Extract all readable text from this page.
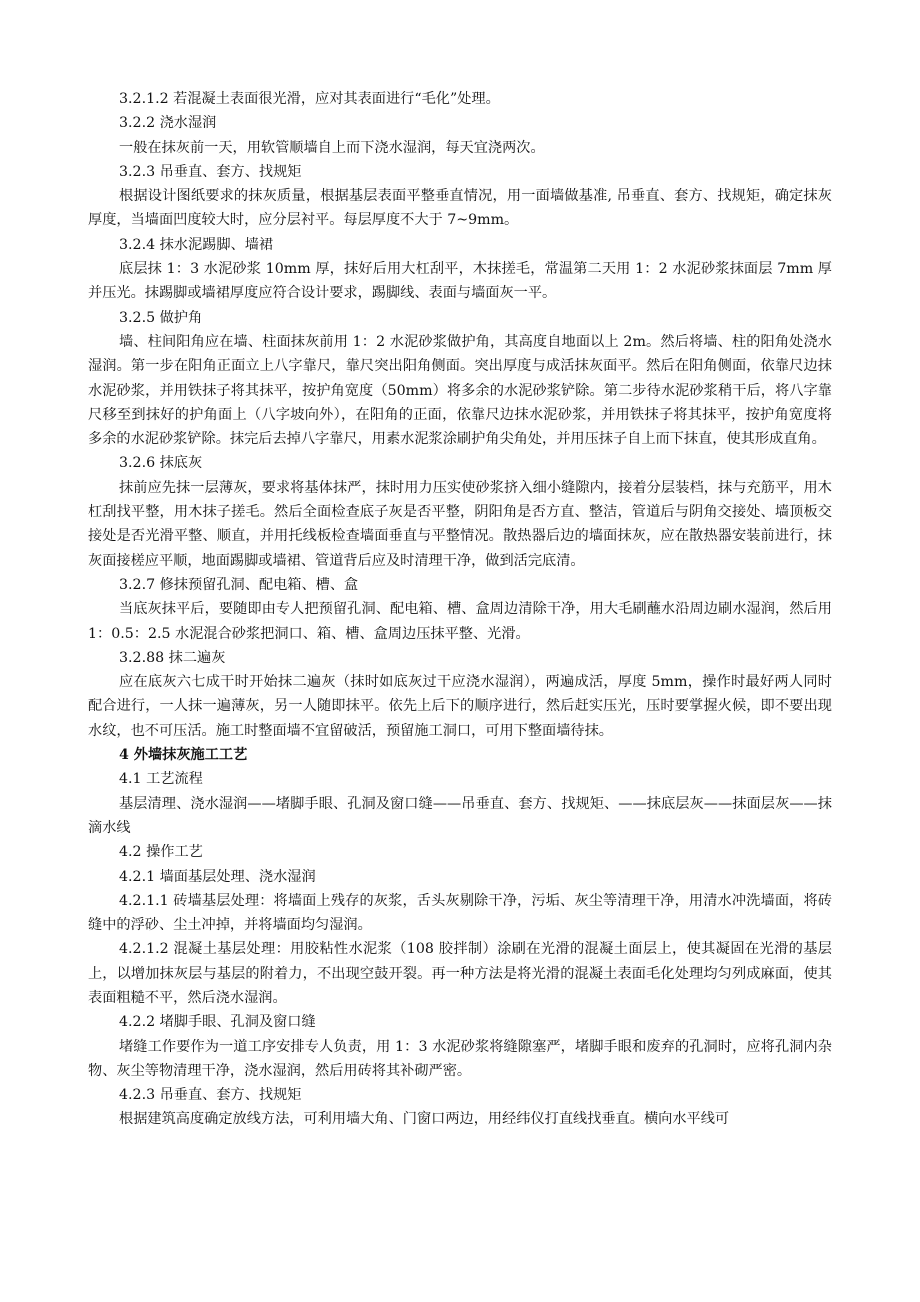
3.2.1.2 若混凝土表面很光滑，应对其表面进行“毛化”处理。

3.2.2 浇水湿润

一般在抹灰前一天，用软管顺墙自上而下浇水湿润，每天宜浇两次。

3.2.3 吊垂直、套方、找规矩

根据设计图纸要求的抹灰质量，根据基层表面平整垂直情况，用一面墙做基准, 吊垂直、套方、找规矩，确定抹灰厚度，当墙面凹度较大时，应分层衬平。每层厚度不大于 7~9mm。

3.2.4 抹水泥踢脚、墙裙

底层抹 1：3 水泥砂浆 10mm 厚，抹好后用大杠刮平，木抹搓毛，常温第二天用 1：2 水泥砂浆抹面层 7mm 厚并压光。抹踢脚或墙裙厚度应符合设计要求，踢脚线、表面与墙面灰一平。

3.2.5 做护角

墙、柱间阳角应在墙、柱面抹灰前用 1：2 水泥砂浆做护角，其高度自地面以上 2m。然后将墙、柱的阳角处浇水湿润。第一步在阳角正面立上八字靠尺，靠尺突出阳角侧面。突出厚度与成活抹灰面平。然后在阳角侧面，依靠尺边抹水泥砂浆，并用铁抹子将其抹平，按护角宽度（50mm）将多余的水泥砂浆铲除。第二步待水泥砂浆稍干后，将八字靠尺移至到抹好的护角面上（八字坡向外），在阳角的正面，依靠尺边抹水泥砂浆，并用铁抹子将其抹平，按护角宽度将多余的水泥砂浆铲除。抹完后去掉八字靠尺，用素水泥浆涂刷护角尖角处，并用压抹子自上而下抹直，使其形成直角。

3.2.6 抹底灰

抹前应先抹一层薄灰，要求将基体抹严，抹时用力压实使砂浆挤入细小缝隙内，接着分层装档，抹与充筋平，用木杠刮找平整，用木抹子搓毛。然后全面检查底子灰是否平整，阴阳角是否方直、整洁，管道后与阴角交接处、墙顶板交接处是否光滑平整、顺直，并用托线板检查墙面垂直与平整情况。散热器后边的墙面抹灰，应在散热器安装前进行，抹灰面接槎应平顺，地面踢脚或墙裙、管道背后应及时清理干净，做到活完底清。

3.2.7 修抹预留孔洞、配电箱、槽、盒

当底灰抹平后，要随即由专人把预留孔洞、配电箱、槽、盒周边清除干净，用大毛刷蘸水沿周边刷水湿润，然后用 1：0.5：2.5 水泥混合砂浆把洞口、箱、槽、盒周边压抹平整、光滑。

3.2.88 抹二遍灰

应在底灰六七成干时开始抹二遍灰（抹时如底灰过干应浇水湿润），两遍成活，厚度 5mm，操作时最好两人同时配合进行，一人抹一遍薄灰，另一人随即抹平。依先上后下的顺序进行，然后赶实压光，压时要掌握火候，即不要出现水纹，也不可压活。施工时整面墙不宜留破活，预留施工洞口，可用下整面墙待抹。

4 外墙抹灰施工工艺

4.1 工艺流程

基层清理、浇水湿润——堵脚手眼、孔洞及窗口缝——吊垂直、套方、找规矩、——抹底层灰——抹面层灰——抹滴水线

4.2 操作工艺

4.2.1 墙面基层处理、浇水湿润

4.2.1.1 砖墙基层处理：将墙面上残存的灰浆，舌头灰剔除干净，污垢、灰尘等清理干净，用清水冲洗墙面，将砖缝中的浮砂、尘土冲掉，并将墙面均匀湿润。

4.2.1.2 混凝土基层处理：用胶粘性水泥浆（108 胶拌制）涂刷在光滑的混凝土面层上，使其凝固在光滑的基层上，以增加抹灰层与基层的附着力，不出现空鼓开裂。再一种方法是将光滑的混凝土表面毛化处理均匀列成麻面，使其表面粗糙不平，然后浇水湿润。

4.2.2 堵脚手眼、孔洞及窗口缝

堵缝工作要作为一道工序安排专人负责，用 1：3 水泥砂浆将缝隙塞严，堵脚手眼和废弃的孔洞时，应将孔洞内杂物、灰尘等物清理干净，浇水湿润，然后用砖将其补砌严密。

4.2.3 吊垂直、套方、找规矩

根据建筑高度确定放线方法，可利用墙大角、门窗口两边，用经纬仪打直线找垂直。横向水平线可
